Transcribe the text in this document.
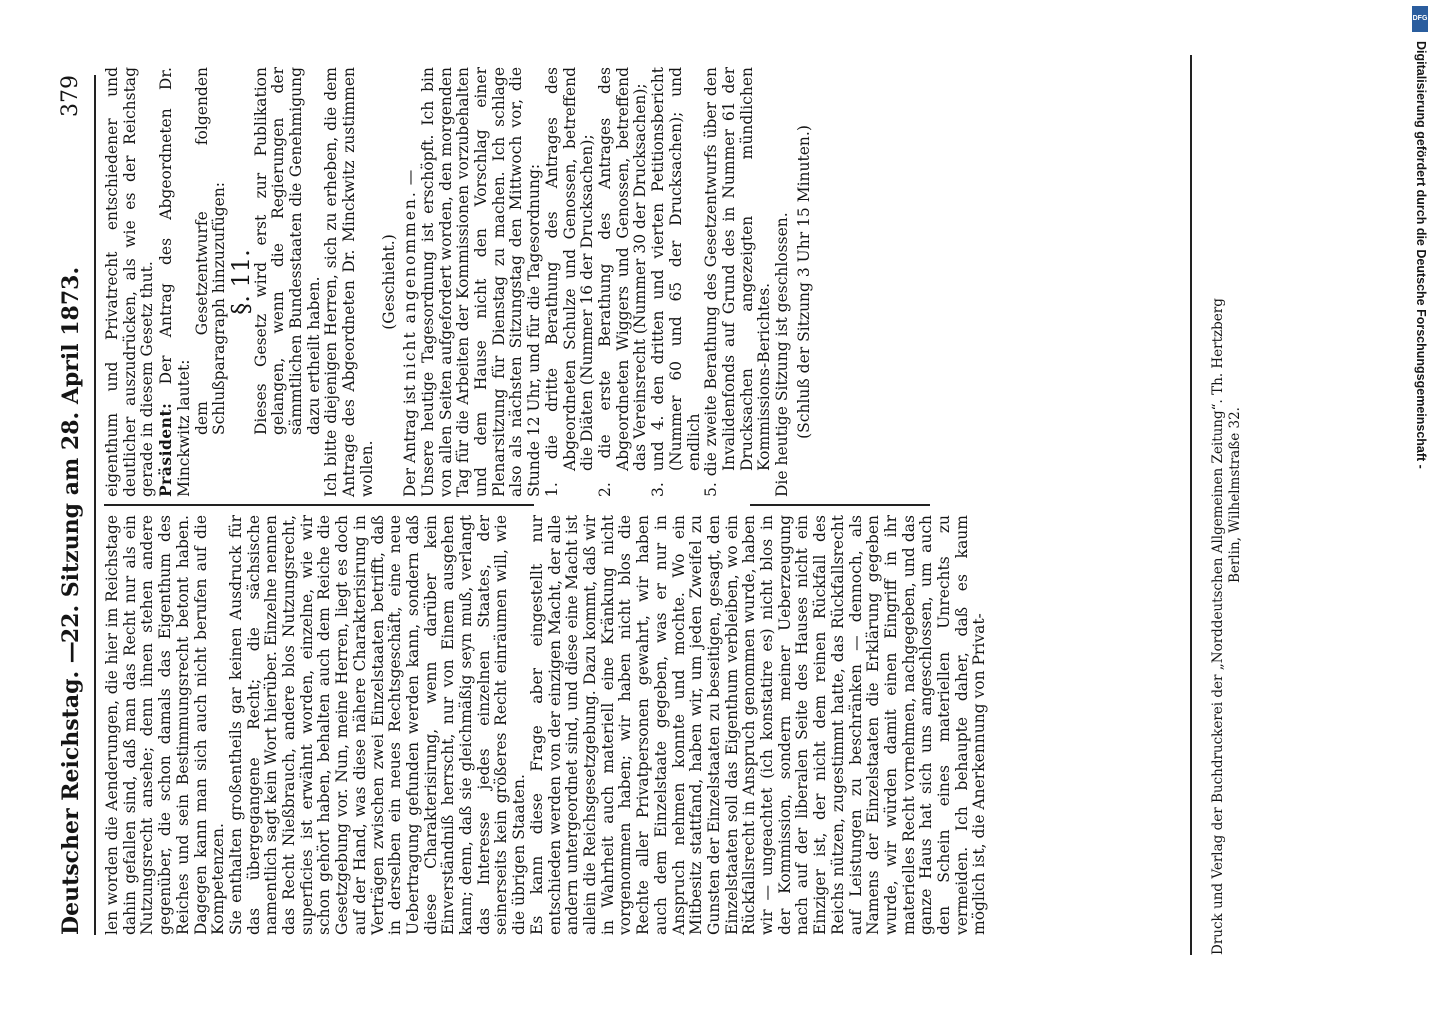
Deutscher Reichstag. —
22. Sitzung am 28. April 1873.
379

len worden die Aenderungen, die hier im Reichstage dahin gefallen sind, daß man das Recht nur als ein Nutzungsrecht ansehe; denn ihnen stehen andere gegenüber, die schon damals das Eigenthum des Reiches und sein Bestimmungsrecht betont haben. Dagegen kann man sich auch nicht berufen auf die Kompetenzen. Sie enthalten großentheils gar keinen Ausdruck für das übergegangene Recht; die sächsische namentlich sagt kein Wort hierüber. Einzelne nennen das Recht Nießbrauch, andere blos Nutzungsrecht, superficies ist erwähnt worden, einzelne, wie wir schon gehört haben, behalten auch dem Reiche die Gesetzgebung vor. Nun, meine Herren, liegt es doch auf der Hand, was diese nähere Charakterisirung in Verträgen zwischen zwei Einzelstaaten betrifft, daß in derselben ein neues Rechtsgeschäft, eine neue Uebertragung gefunden werden kann, sondern daß diese Charakterisirung, wenn darüber kein Einverständniß herrscht, nur von Einem ausgehen kann; denn, daß sie gleichmäßig seyn muß, verlangt das Interesse jedes einzelnen Staates, der seinerseits kein größeres Recht einräumen will, wie die übrigen Staaten. Es kann diese Frage aber eingestellt nur entschieden werden von der einzigen Macht, der alle andern untergeordnet sind, und diese eine Macht ist allein die Reichsgesetzgebung. Dazu kommt, daß wir in Wahrheit auch materiell eine Kränkung nicht vorgenommen haben; wir haben nicht blos die Rechte aller Privatpersonen gewahrt, wir haben auch dem Einzelstaate gegeben, was er nur in Anspruch nehmen konnte und mochte. Wo ein Mitbesitz stattfand, haben wir, um jeden Zweifel zu Gunsten der Einzelstaaten zu beseitigen, gesagt, den Einzelstaaten soll das Eigenthum verbleiben, wo ein Rückfallsrecht in Anspruch genommen wurde, haben wir — ungeachtet (ich konstatire es) nicht blos in der Kommission, sondern meiner Ueberzeugung nach auf der liberalen Seite des Hauses nicht ein Einziger ist, der nicht dem reinen Rückfall des Reichs nützen, zugestimmt hatte, das Rückfallsrecht auf Leistungen zu beschränken — dennoch, als Namens der Einzelstaaten die Erklärung gegeben wurde, wir würden damit einen Eingriff in ihr materielles Recht vornehmen, nachgegeben, und das ganze Haus hat sich uns angeschlossen, um auch den Schein eines materiellen Unrechts zu vermeiden. Ich behaupte daher, daß es kaum möglich ist, die Anerkennung von Privat-

eigenthum und Privatrecht entschiedener und deutlicher auszudrücken, als wie es der Reichstag gerade in diesem Gesetz thut. Präsident: Der Antrag des Abgeordneten Dr. Minckwitz lautet: dem Gesetzentwurfe folgenden Schlußparagraph hinzuzufügen:

§. 11.

Dieses Gesetz wird erst zur Publikation gelangen, wenn die Regierungen der sämmtlichen Bundesstaaten die Genehmigung dazu ertheilt haben. Ich bitte diejenigen Herren, sich zu erheben, die dem Antrage des Abgeordneten Dr. Minckwitz zustimmen wollen.

(Geschieht.)

Der Antrag ist nicht angenommen. — Unsere heutige Tagesordnung ist erschöpft. Ich bin von allen Seiten aufgefordert worden, den morgenden Tag für die Arbeiten der Kommissionen vorzubehalten und dem Hause nicht den Vorschlag einer Plenarsitzung für Dienstag zu machen. Ich schlage also als nächsten Sitzungstag den Mittwoch vor, die Stunde 12 Uhr, und für die Tagesordnung: 1. die dritte Berathung des Antrages des Abgeordneten Schulze und Genossen, betreffend die Diäten (Nummer 16 der Drucksachen); 2. die erste Berathung des Antrages des Abgeordneten Wiggers und Genossen, betreffend das Vereinsrecht (Nummer 30 der Drucksachen); 3. und 4. den dritten und vierten Petitionsbericht (Nummer 60 und 65 der Drucksachen); und endlich 5. die zweite Berathung des Gesetzentwurfs über den Invalidenfonds auf Grund des in Nummer 61 der Drucksachen angezeigten mündlichen Kommissions-Berichtes. Die heutige Sitzung ist geschlossen. (Schluß der Sitzung 3 Uhr 15 Minuten.)

Druck und Verlag der Buchdruckerei der „Norddeutschen Allgemeinen Zeitung“. Th. Hertzberg Berlin, Wilhelmstraße 32.
DFG
Digitalisierung gefördert durch die Deutsche Forschungsgemeinschaft -
